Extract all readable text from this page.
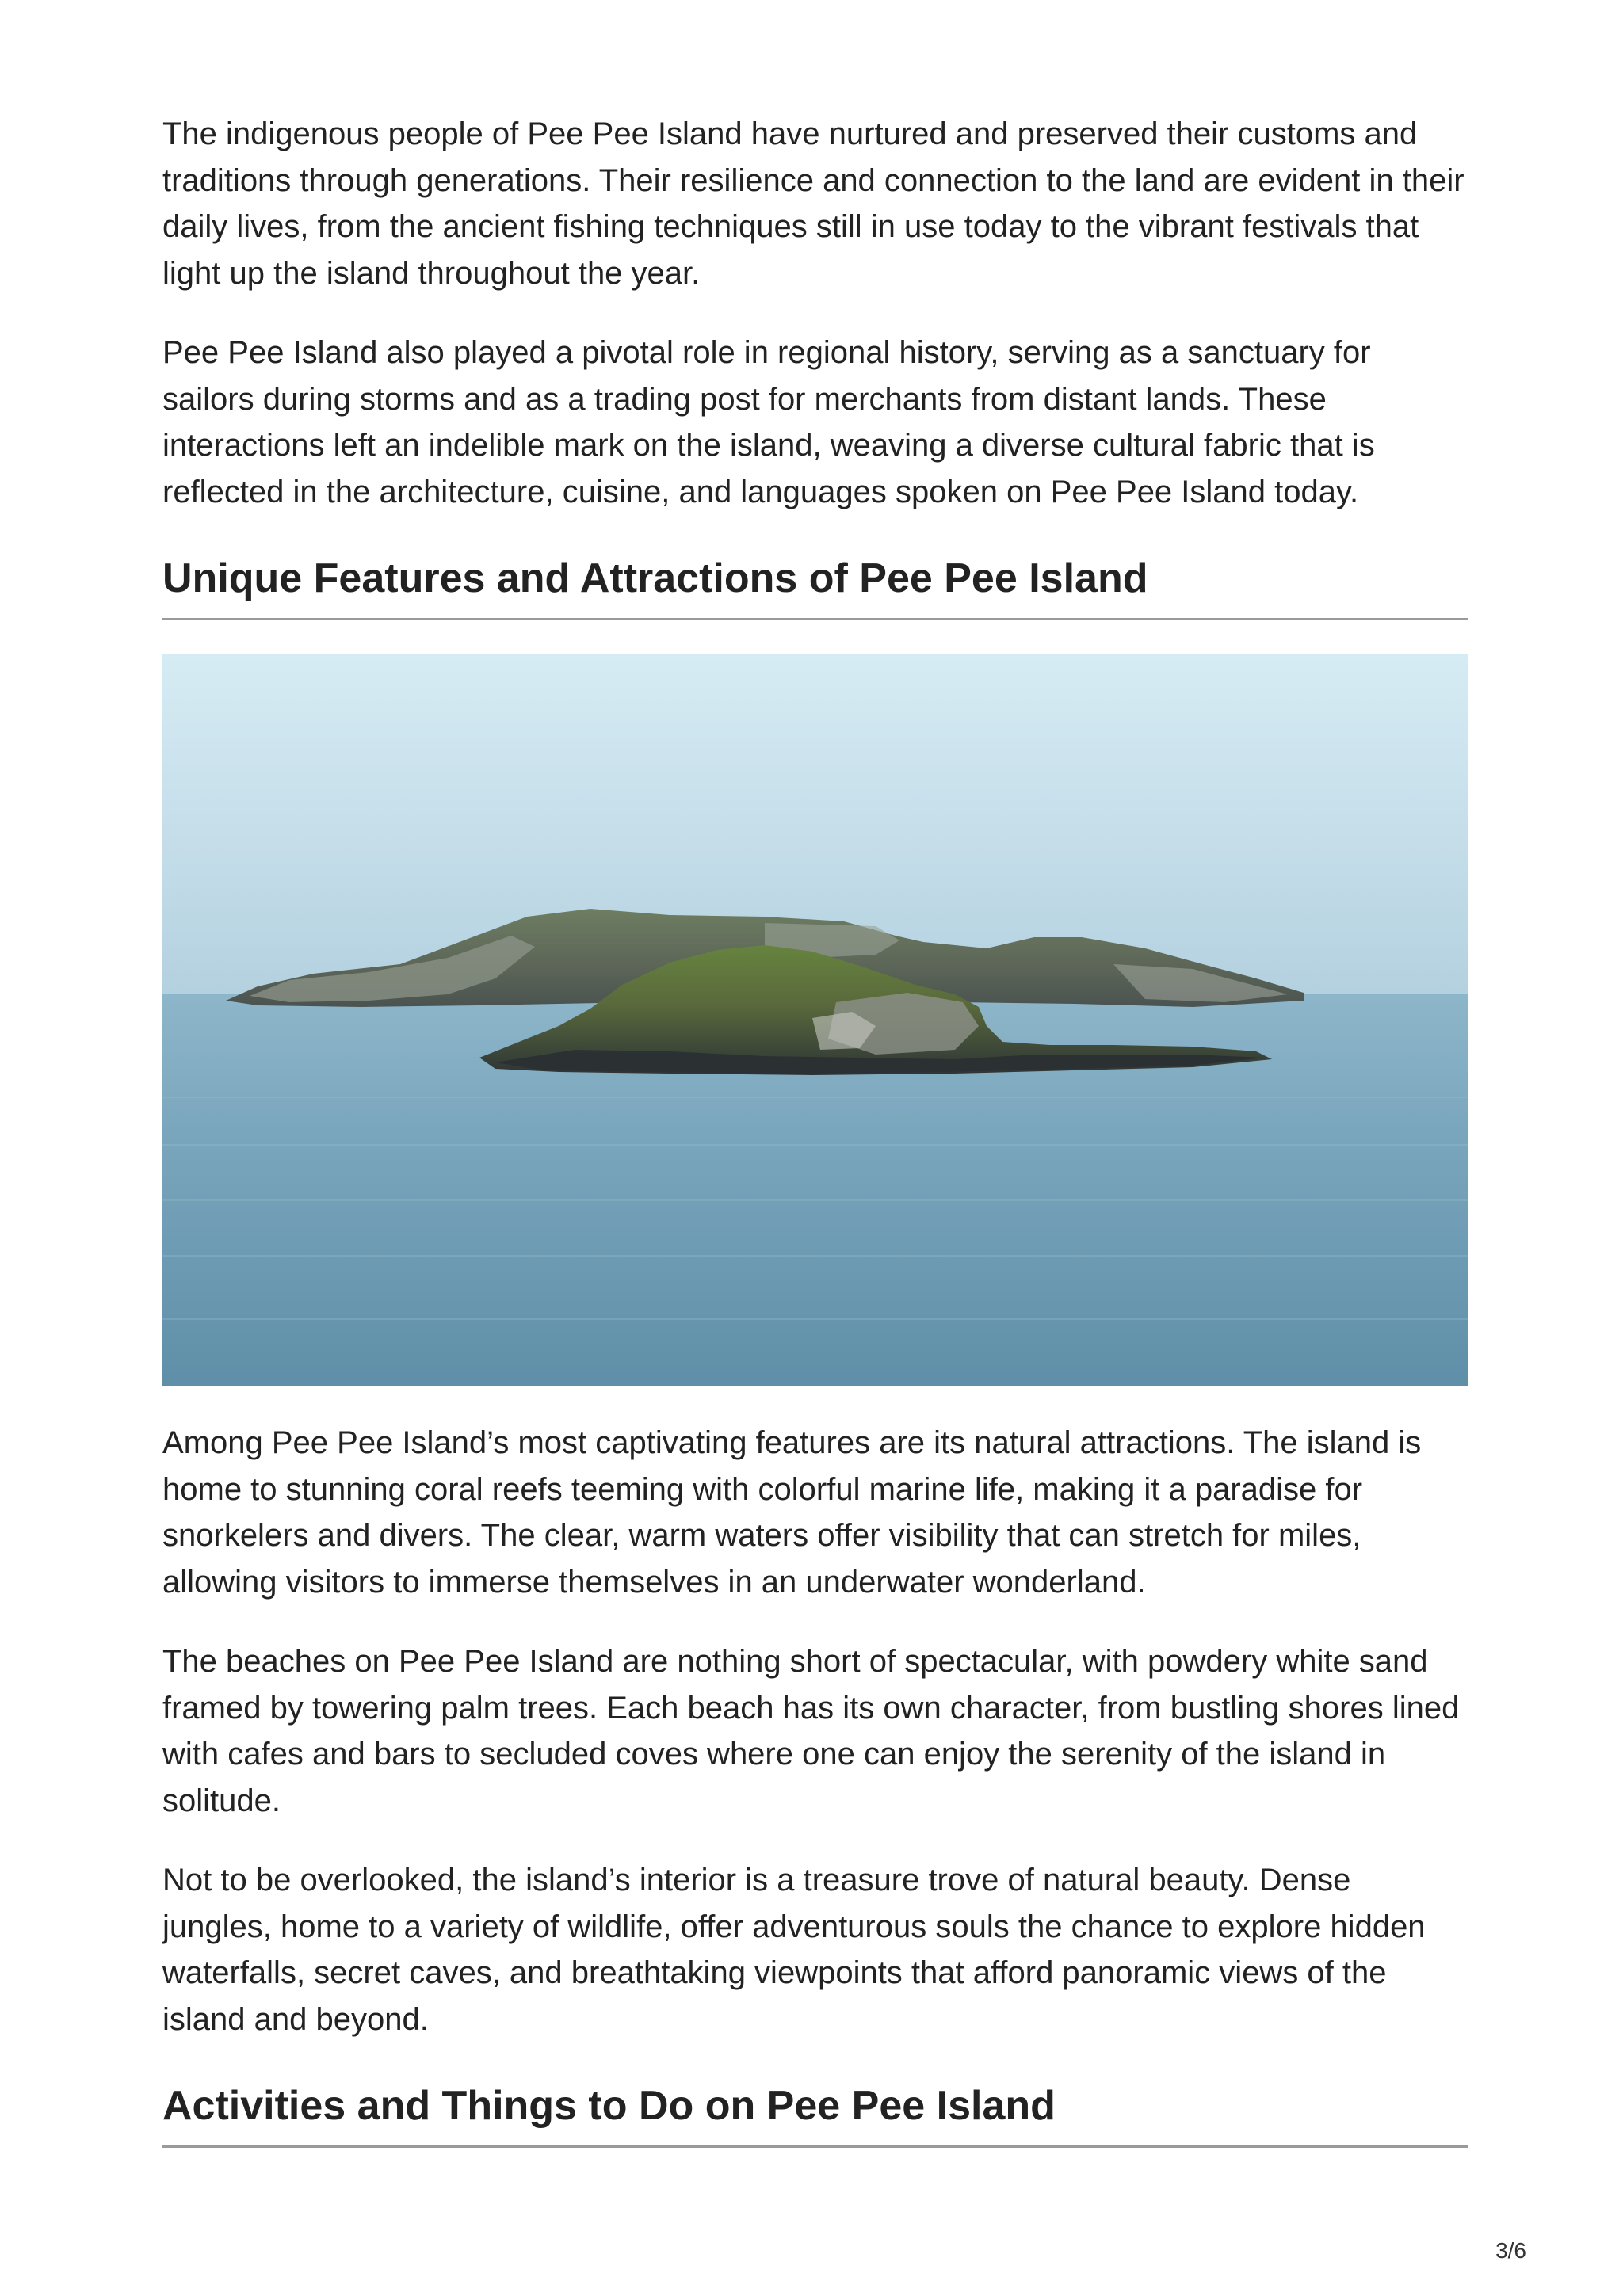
The indigenous people of Pee Pee Island have nurtured and preserved their customs and traditions through generations. Their resilience and connection to the land are evident in their daily lives, from the ancient fishing techniques still in use today to the vibrant festivals that light up the island throughout the year.

Pee Pee Island also played a pivotal role in regional history, serving as a sanctuary for sailors during storms and as a trading post for merchants from distant lands. These interactions left an indelible mark on the island, weaving a diverse cultural fabric that is reflected in the architecture, cuisine, and languages spoken on Pee Pee Island today.

Unique Features and Attractions of Pee Pee Island

Among Pee Pee Island’s most captivating features are its natural attractions. The island is home to stunning coral reefs teeming with colorful marine life, making it a paradise for snorkelers and divers. The clear, warm waters offer visibility that can stretch for miles, allowing visitors to immerse themselves in an underwater wonderland.

The beaches on Pee Pee Island are nothing short of spectacular, with powdery white sand framed by towering palm trees. Each beach has its own character, from bustling shores lined with cafes and bars to secluded coves where one can enjoy the serenity of the island in solitude.

Not to be overlooked, the island’s interior is a treasure trove of natural beauty. Dense jungles, home to a variety of wildlife, offer adventurous souls the chance to explore hidden waterfalls, secret caves, and breathtaking viewpoints that afford panoramic views of the island and beyond.

Activities and Things to Do on Pee Pee Island
3/6
